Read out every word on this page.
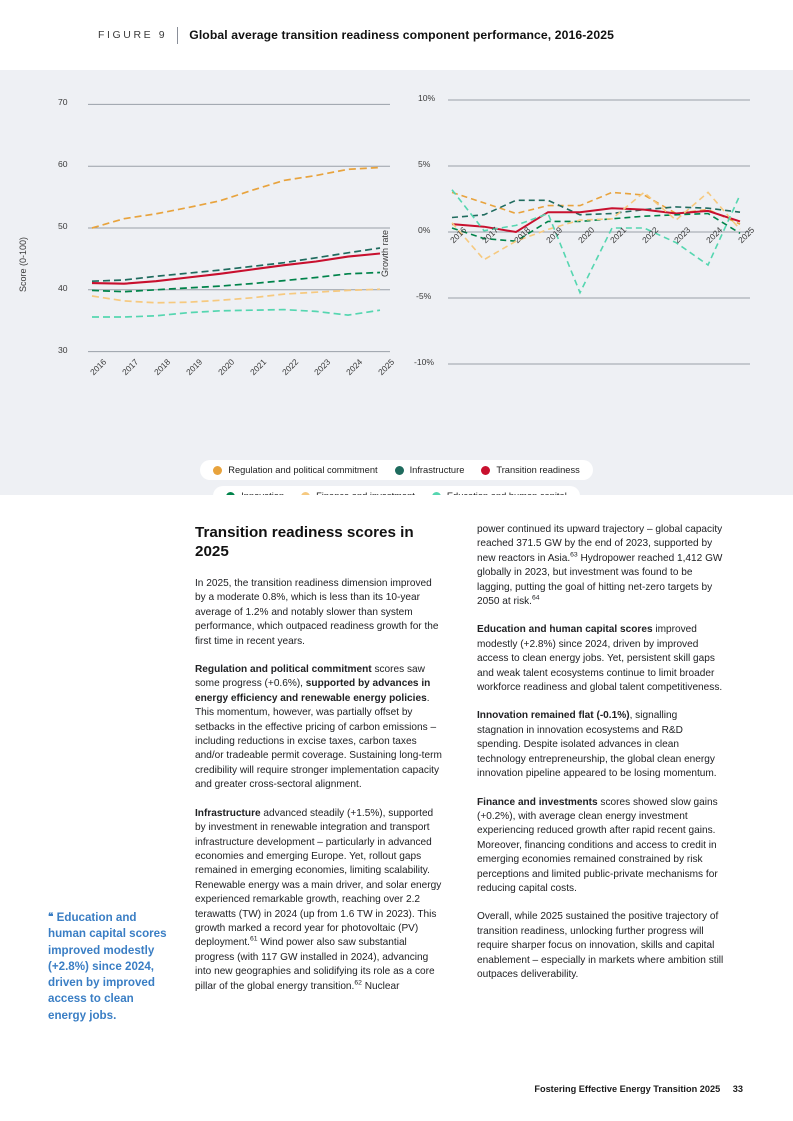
FIGURE 9 Global average transition readiness component performance, 2016-2025
Score (0-100)
70
60
50
40
30
2016 2017 2018 2019 2020 2021 2022 2023 2024 2025
Growth rate
10%
5%
0%
-5%
-10%
2016 2017 2018 2019 2020 2021 2022 2023 2024 2025
Regulation and political commitment	Infrastructure	Transition readiness
❝ Education and human capital scores improved modestly (+2.8%) since 2024, driven by improved access to clean energy jobs.
Transition readiness scores in 2025

In 2025, the transition readiness dimension improved by a moderate 0.8%, which is less than its 10-year average of 1.2% and notably slower than system performance, which outpaced readiness growth for the first time in recent years.

Regulation and political commitment scores saw some progress (+0.6%), supported by advances in energy efficiency and renewable energy policies. This momentum, however, was partially offset by setbacks in the effective pricing of carbon emissions – including reductions in excise taxes, carbon taxes and/or tradeable permit coverage. Sustaining long-term credibility will require stronger implementation capacity and greater cross-sectoral alignment.

Infrastructure advanced steadily (+1.5%), supported by investment in renewable integration and transport infrastructure development – particularly in advanced economies and emerging Europe. Yet, rollout gaps remained in emerging economies, limiting scalability. Renewable energy was a main driver, and solar energy experienced remarkable growth, reaching over 2.2 terawatts (TW) in 2024 (up from 1.6 TW in 2023). This growth marked a record year for photovoltaic (PV) deployment.$^{61}$ Wind power also saw substantial progress (with 117 GW installed in 2024), advancing into new geographies and solidifying its role as a core pillar of the global energy transition.$^{62}$ Nuclear

power continued its upward trajectory – global capacity reached 371.5 GW by the end of 2023, supported by new reactors in Asia.$^{63}$ Hydropower reached 1,412 GW globally in 2023, but investment was found to be lagging, putting the goal of hitting net-zero targets by 2050 at risk.$^{64}$

Education and human capital scores improved modestly (+2.8%) since 2024, driven by improved access to clean energy jobs. Yet, persistent skill gaps and weak talent ecosystems continue to limit broader workforce readiness and global talent competitiveness.

Innovation remained flat (-0.1%), signalling stagnation in innovation ecosystems and R&D spending. Despite isolated advances in clean technology entrepreneurship, the global clean energy innovation pipeline appeared to be losing momentum.

Finance and investments scores showed slow gains (+0.2%), with average clean energy investment experiencing reduced growth after rapid recent gains. Moreover, financing conditions and access to credit in emerging economies remained constrained by risk perceptions and limited public-private mechanisms for reducing capital costs.

Overall, while 2025 sustained the positive trajectory of transition readiness, unlocking further progress will require sharper focus on innovation, skills and capital enablement – especially in markets where ambition still outpaces deliverability.

Fostering Effective Energy Transition 2025 33
